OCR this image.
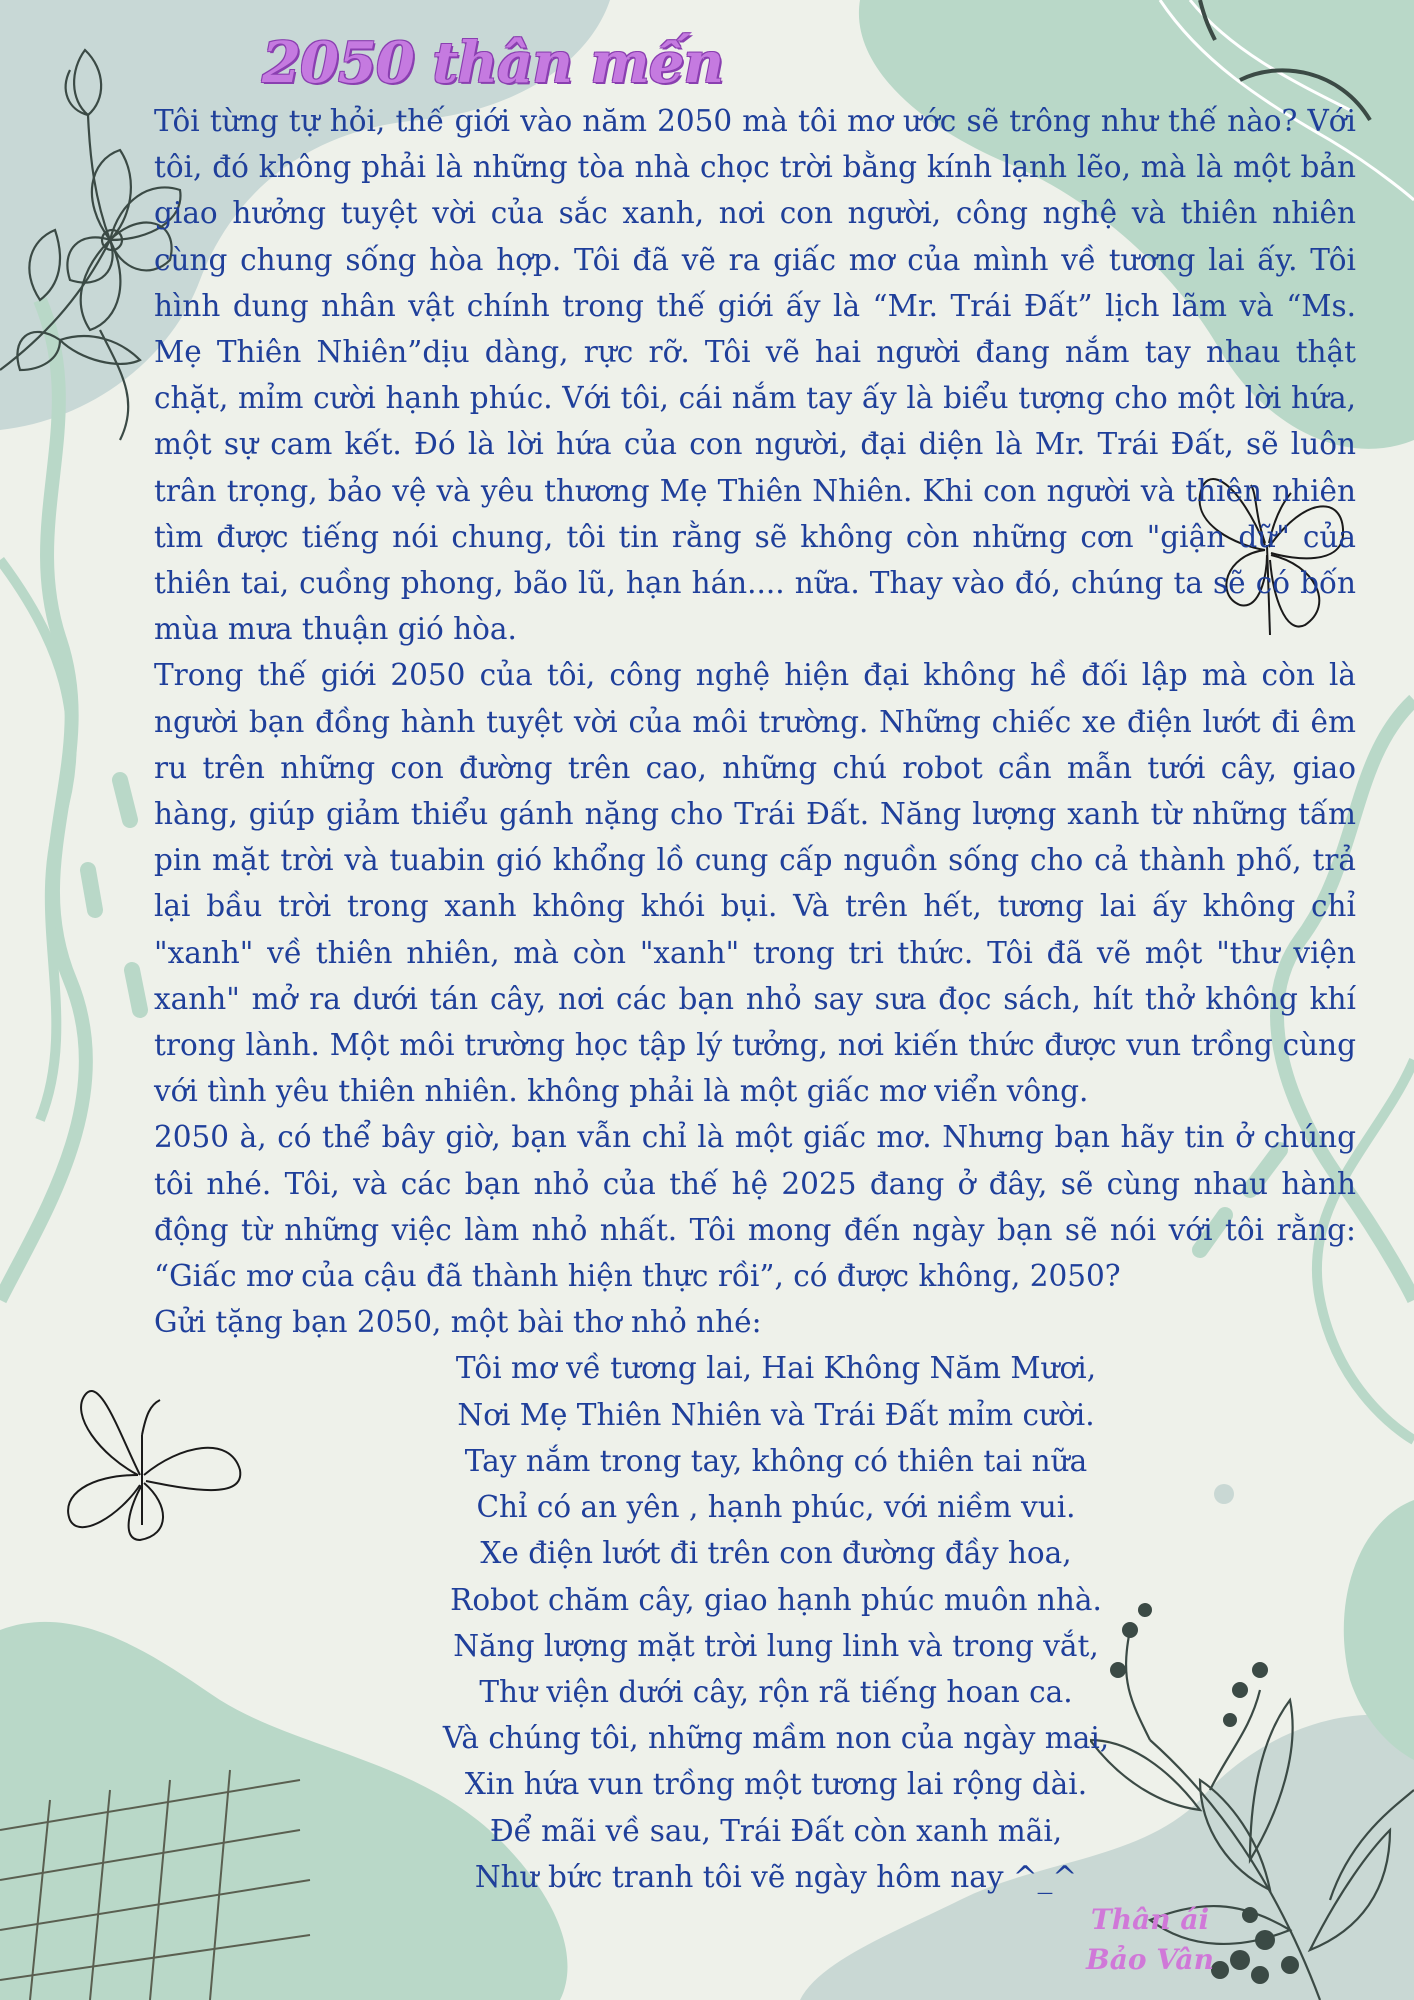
2050 thân mến

Tôi từng tự hỏi, thế giới vào năm 2050 mà tôi mơ ước sẽ trông như thế nào? Với tôi, đó không phải là những tòa nhà chọc trời bằng kính lạnh lẽo, mà là một bản giao hưởng tuyệt vời của sắc xanh, nơi con người, công nghệ và thiên nhiên cùng chung sống hòa hợp. Tôi đã vẽ ra giấc mơ của mình về tương lai ấy. Tôi hình dung nhân vật chính trong thế giới ấy là “Mr. Trái Đất” lịch lãm và “Ms. Mẹ Thiên Nhiên”dịu dàng, rực rỡ. Tôi vẽ hai người đang nắm tay nhau thật chặt, mỉm cười hạnh phúc. Với tôi, cái nắm tay ấy là biểu tượng cho một lời hứa, một sự cam kết. Đó là lời hứa của con người, đại diện là Mr. Trái Đất, sẽ luôn trân trọng, bảo vệ và yêu thương Mẹ Thiên Nhiên. Khi con người và thiên nhiên tìm được tiếng nói chung, tôi tin rằng sẽ không còn những cơn "giận dữ" của thiên tai, cuồng phong, bão lũ, hạn hán.... nữa. Thay vào đó, chúng ta sẽ có bốn mùa mưa thuận gió hòa.

Trong thế giới 2050 của tôi, công nghệ hiện đại không hề đối lập mà còn là người bạn đồng hành tuyệt vời của môi trường. Những chiếc xe điện lướt đi êm ru trên những con đường trên cao, những chú robot cần mẫn tưới cây, giao hàng, giúp giảm thiểu gánh nặng cho Trái Đất. Năng lượng xanh từ những tấm pin mặt trời và tuabin gió khổng lồ cung cấp nguồn sống cho cả thành phố, trả lại bầu trời trong xanh không khói bụi. Và trên hết, tương lai ấy không chỉ "xanh" về thiên nhiên, mà còn "xanh" trong tri thức. Tôi đã vẽ một "thư viện xanh" mở ra dưới tán cây, nơi các bạn nhỏ say sưa đọc sách, hít thở không khí trong lành. Một môi trường học tập lý tưởng, nơi kiến thức được vun trồng cùng với tình yêu thiên nhiên. không phải là một giấc mơ viển vông.

2050 à, có thể bây giờ, bạn vẫn chỉ là một giấc mơ. Nhưng bạn hãy tin ở chúng tôi nhé. Tôi, và các bạn nhỏ của thế hệ 2025 đang ở đây, sẽ cùng nhau hành động từ những việc làm nhỏ nhất. Tôi mong đến ngày bạn sẽ nói với tôi rằng: “Giấc mơ của cậu đã thành hiện thực rồi”, có được không, 2050?

Gửi tặng bạn 2050, một bài thơ nhỏ nhé:

Tôi mơ về tương lai, Hai Không Năm Mươi,
Nơi Mẹ Thiên Nhiên và Trái Đất mỉm cười.
Tay nắm trong tay, không có thiên tai nữa
Chỉ có an yên , hạnh phúc, với niềm vui.
Xe điện lướt đi trên con đường đầy hoa,
Robot chăm cây, giao hạnh phúc muôn nhà.
Năng lượng mặt trời lung linh và trong vắt,
Thư viện dưới cây, rộn rã tiếng hoan ca.
Và chúng tôi, những mầm non của ngày mai,
Xin hứa vun trồng một tương lai rộng dài.
Để mãi về sau, Trái Đất còn xanh mãi,
Như bức tranh tôi vẽ ngày hôm nay ^_^
Thân ái
Bảo Vân
